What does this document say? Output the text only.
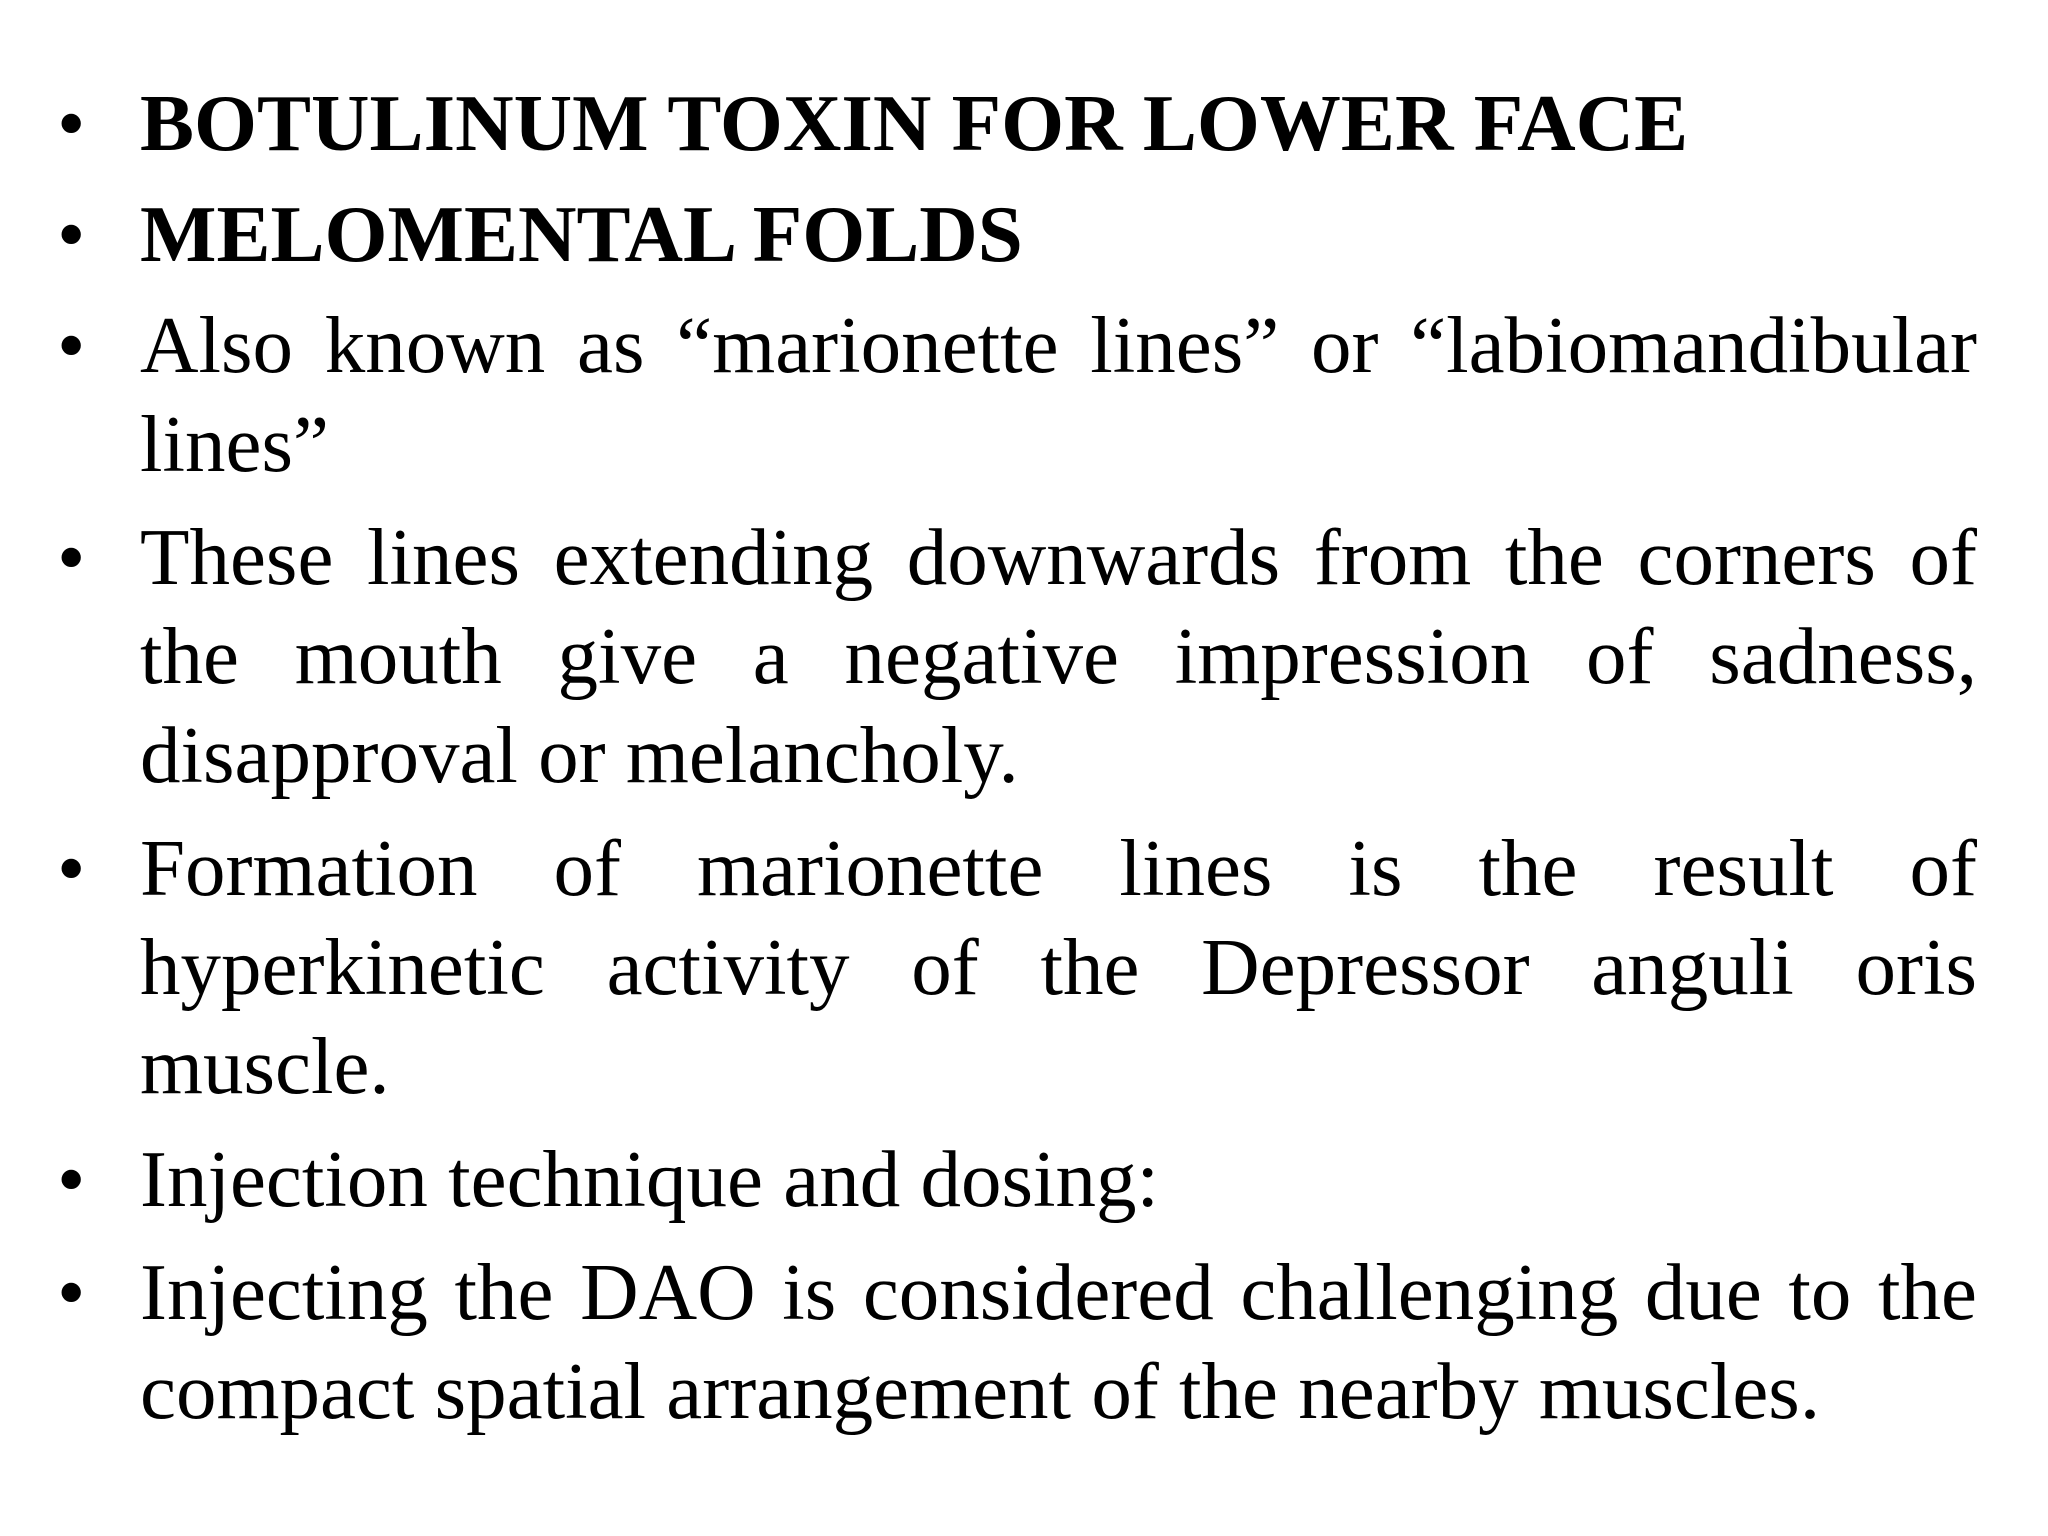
• BOTULINUM TOXIN FOR LOWER FACE
• MELOMENTAL FOLDS
• Also known as “marionette lines” or “labiomandibular lines”
• These lines extending downwards from the corners of the mouth give a negative impression of sadness, disapproval or melancholy.
• Formation of marionette lines is the result of hyperkinetic activity of the Depressor anguli oris muscle.
• Injection technique and dosing:
• Injecting the DAO is considered challenging due to the compact spatial arrangement of the nearby muscles.
